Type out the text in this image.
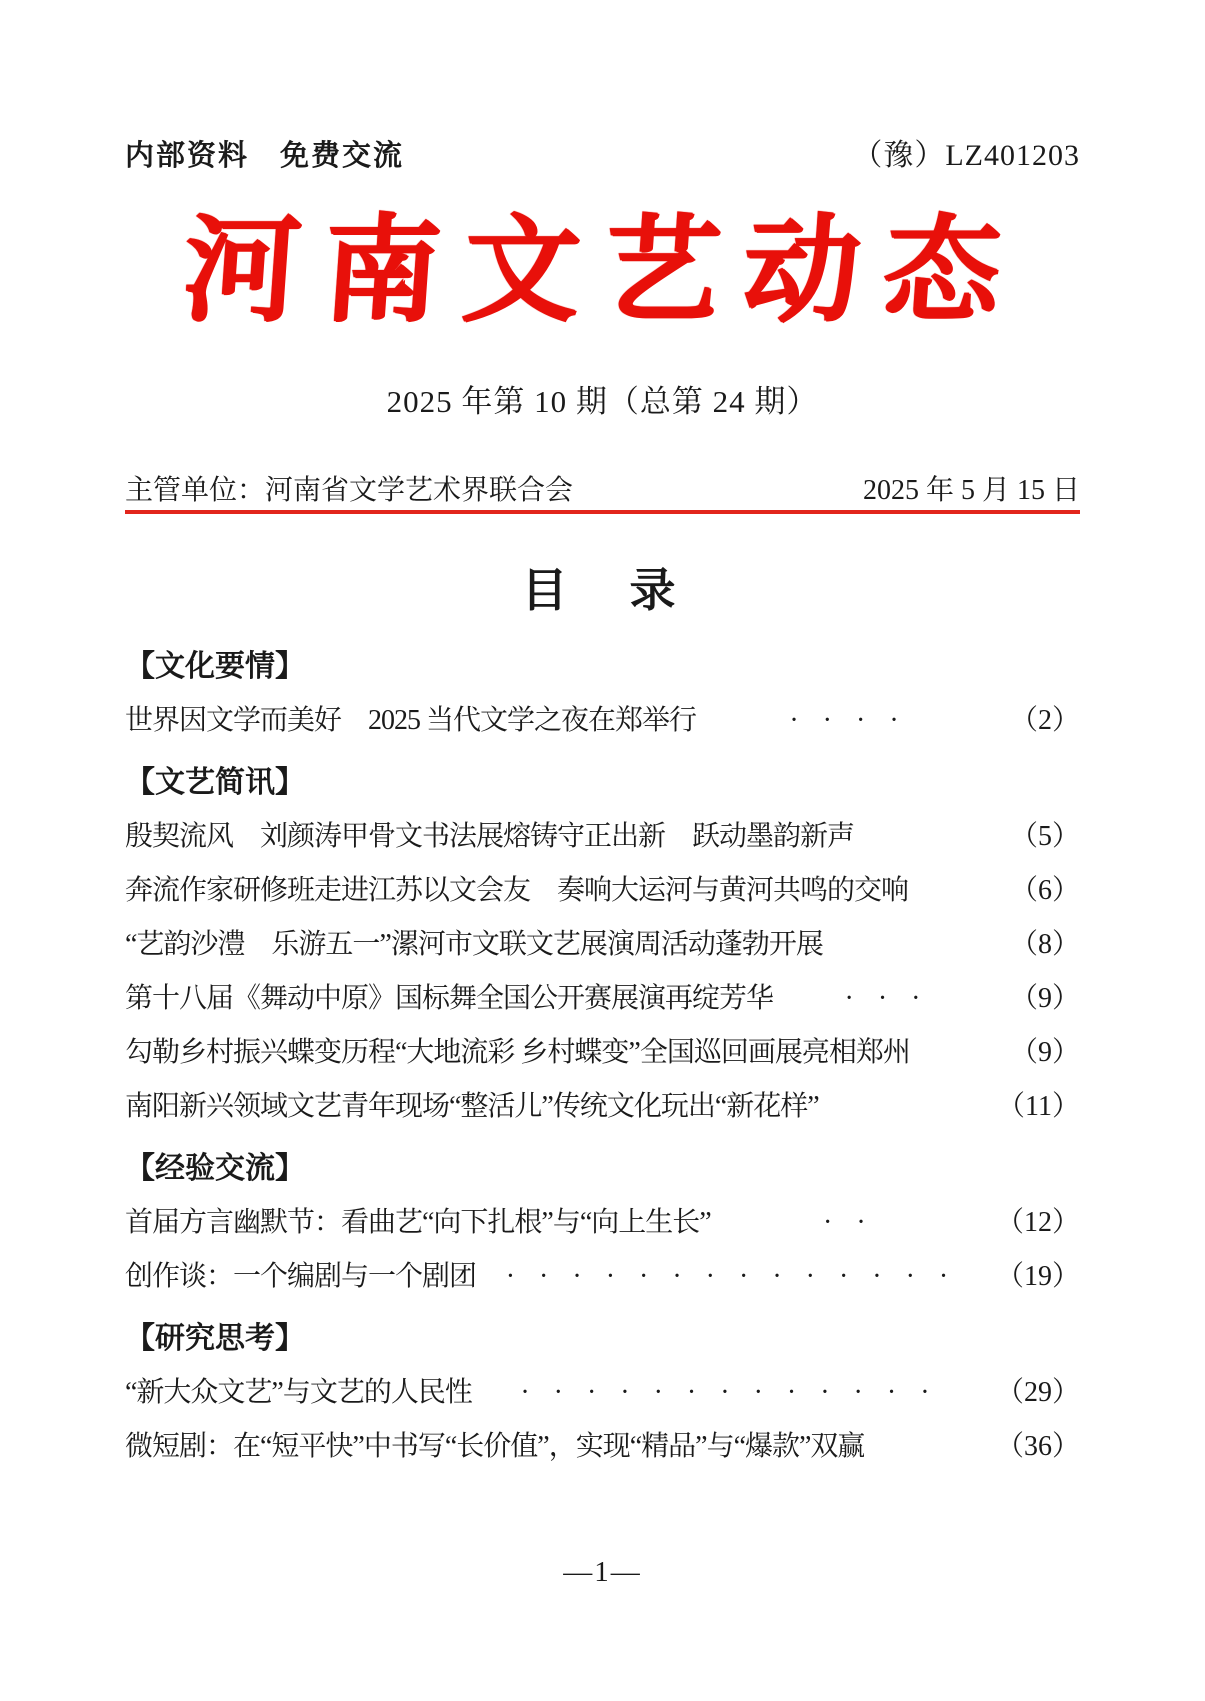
内部资料　免费交流	（豫）LZ401203
河南文艺动态
2025 年第 10 期（总第 24 期）
主管单位：河南省文学艺术界联合会	2025 年 5 月 15 日
目　录
【文化要情】
世界因文学而美好　2025 当代文学之夜在郑举行	····	（2）
【文艺简讯】
殷契流风　刘颜涛甲骨文书法展熔铸守正出新　跃动墨韵新声	（5）
奔流作家研修班走进江苏以文会友　奏响大运河与黄河共鸣的交响	（6）
“艺韵沙澧　乐游五一”漯河市文联文艺展演周活动蓬勃开展	（8）
第十八届《舞动中原》国标舞全国公开赛展演再绽芳华	···	（9）
勾勒乡村振兴蝶变历程“大地流彩 乡村蝶变”全国巡回画展亮相郑州	（9）
南阳新兴领域文艺青年现场“整活儿”传统文化玩出“新花样”	（11）
【经验交流】
首届方言幽默节：看曲艺“向下扎根”与“向上生长”	··	（12）
创作谈：一个编剧与一个剧团	·············· （19）
【研究思考】
“新大众文艺”与文艺的人民性	·············	（29）
微短剧：在“短平快”中书写“长价值”，实现“精品”与“爆款”双赢	（36）
—1—
